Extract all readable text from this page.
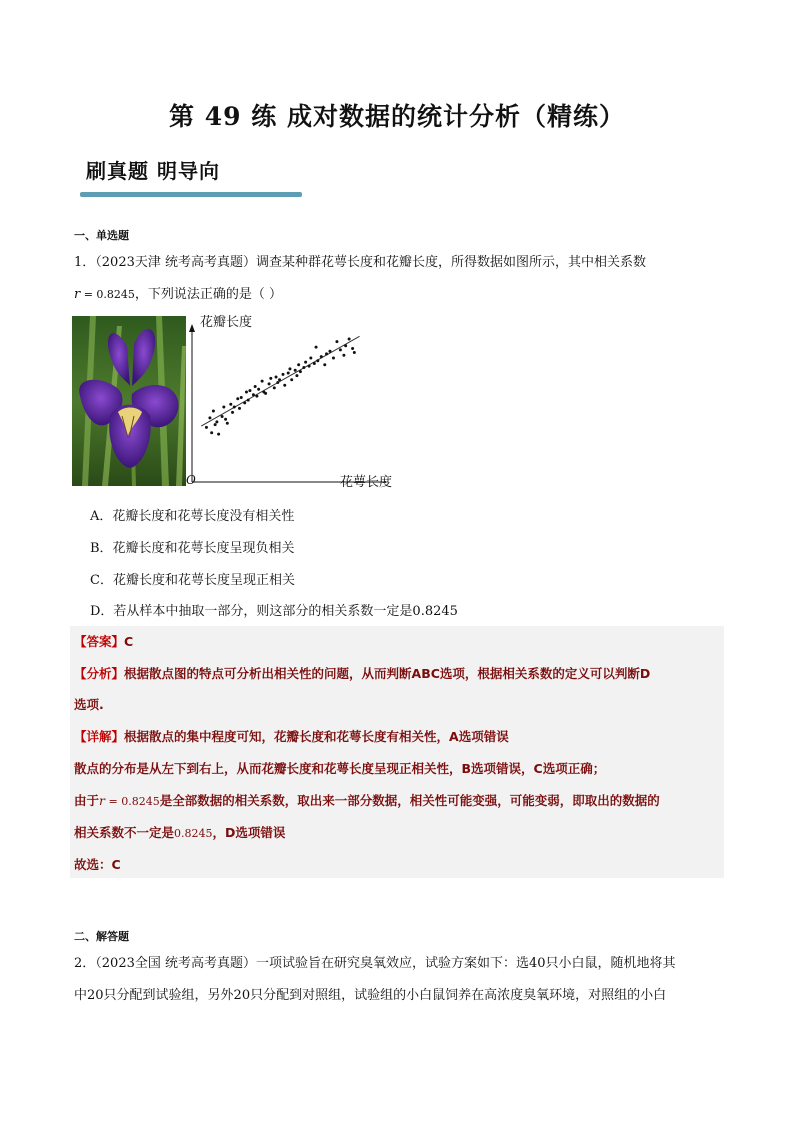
第 49 练 成对数据的统计分析（精练）
刷真题 明导向
一、单选题
1．（2023天津 统考高考真题）调查某种群花萼长度和花瓣长度，所得数据如图所示，其中相关系数
r = 0.8245，下列说法正确的是（ ）
花瓣长度
花萼长度
O
A．花瓣长度和花萼长度没有相关性
B．花瓣长度和花萼长度呈现负相关
C．花瓣长度和花萼长度呈现正相关
D．若从样本中抽取一部分，则这部分的相关系数一定是0.8245
【答案】C
【分析】根据散点图的特点可分析出相关性的问题，从而判断ABC选项，根据相关系数的定义可以判断D
选项.
【详解】根据散点的集中程度可知，花瓣长度和花萼长度有相关性，A选项错误
散点的分布是从左下到右上，从而花瓣长度和花萼长度呈现正相关性，B选项错误，C选项正确；
由于r = 0.8245是全部数据的相关系数，取出来一部分数据，相关性可能变强，可能变弱，即取出的数据的
相关系数不一定是0.8245，D选项错误
故选：C
二、解答题
2．（2023全国 统考高考真题）一项试验旨在研究臭氧效应，试验方案如下：选40只小白鼠，随机地将其
中20只分配到试验组，另外20只分配到对照组，试验组的小白鼠饲养在高浓度臭氧环境，对照组的小白
